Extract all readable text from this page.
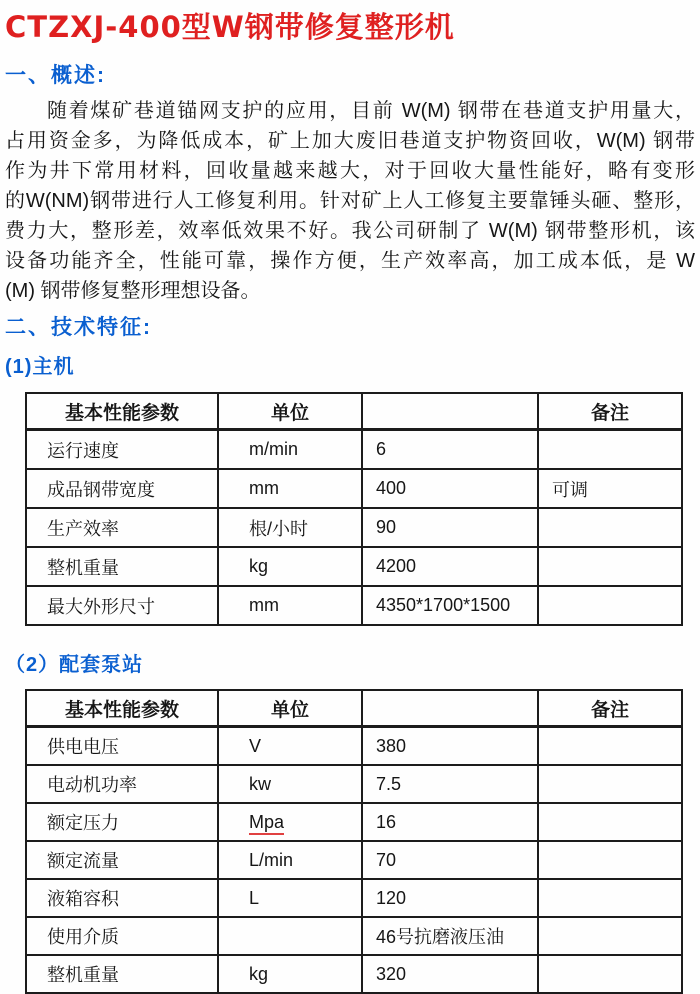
CTZXJ-400型W钢带修复整形机
一、概述:
随着煤矿巷道锚网支护的应用，目前 W(M) 钢带在巷道支护用量大，
占用资金多，为降低成本，矿上加大废旧巷道支护物资回收，W(M) 钢带
作为井下常用材料，回收量越来越大，对于回收大量性能好，略有变形
的W(NM)钢带进行人工修复利用。针对矿上人工修复主要靠锤头砸、整形，
费力大，整形差，效率低效果不好。我公司研制了 W(M) 钢带整形机，该
设备功能齐全，性能可靠，操作方便，生产效率高，加工成本低，是 W
(M) 钢带修复整形理想设备。
二、技术特征:
(1)主机
基本性能参数	单位		备注
运行速度	m/min	6	
成品钢带宽度	mm	400	可调
生产效率	根/小时	90	
整机重量	kg	4200	
最大外形尺寸	mm	4350*1700*1500	
（2）配套泵站
基本性能参数	单位		备注
供电电压	V	380	
电动机功率	kw	7.5	
额定压力	Mpa	16	
额定流量	L/min	70	
液箱容积	L	120	
使用介质		46号抗磨液压油	
整机重量	kg	320	
